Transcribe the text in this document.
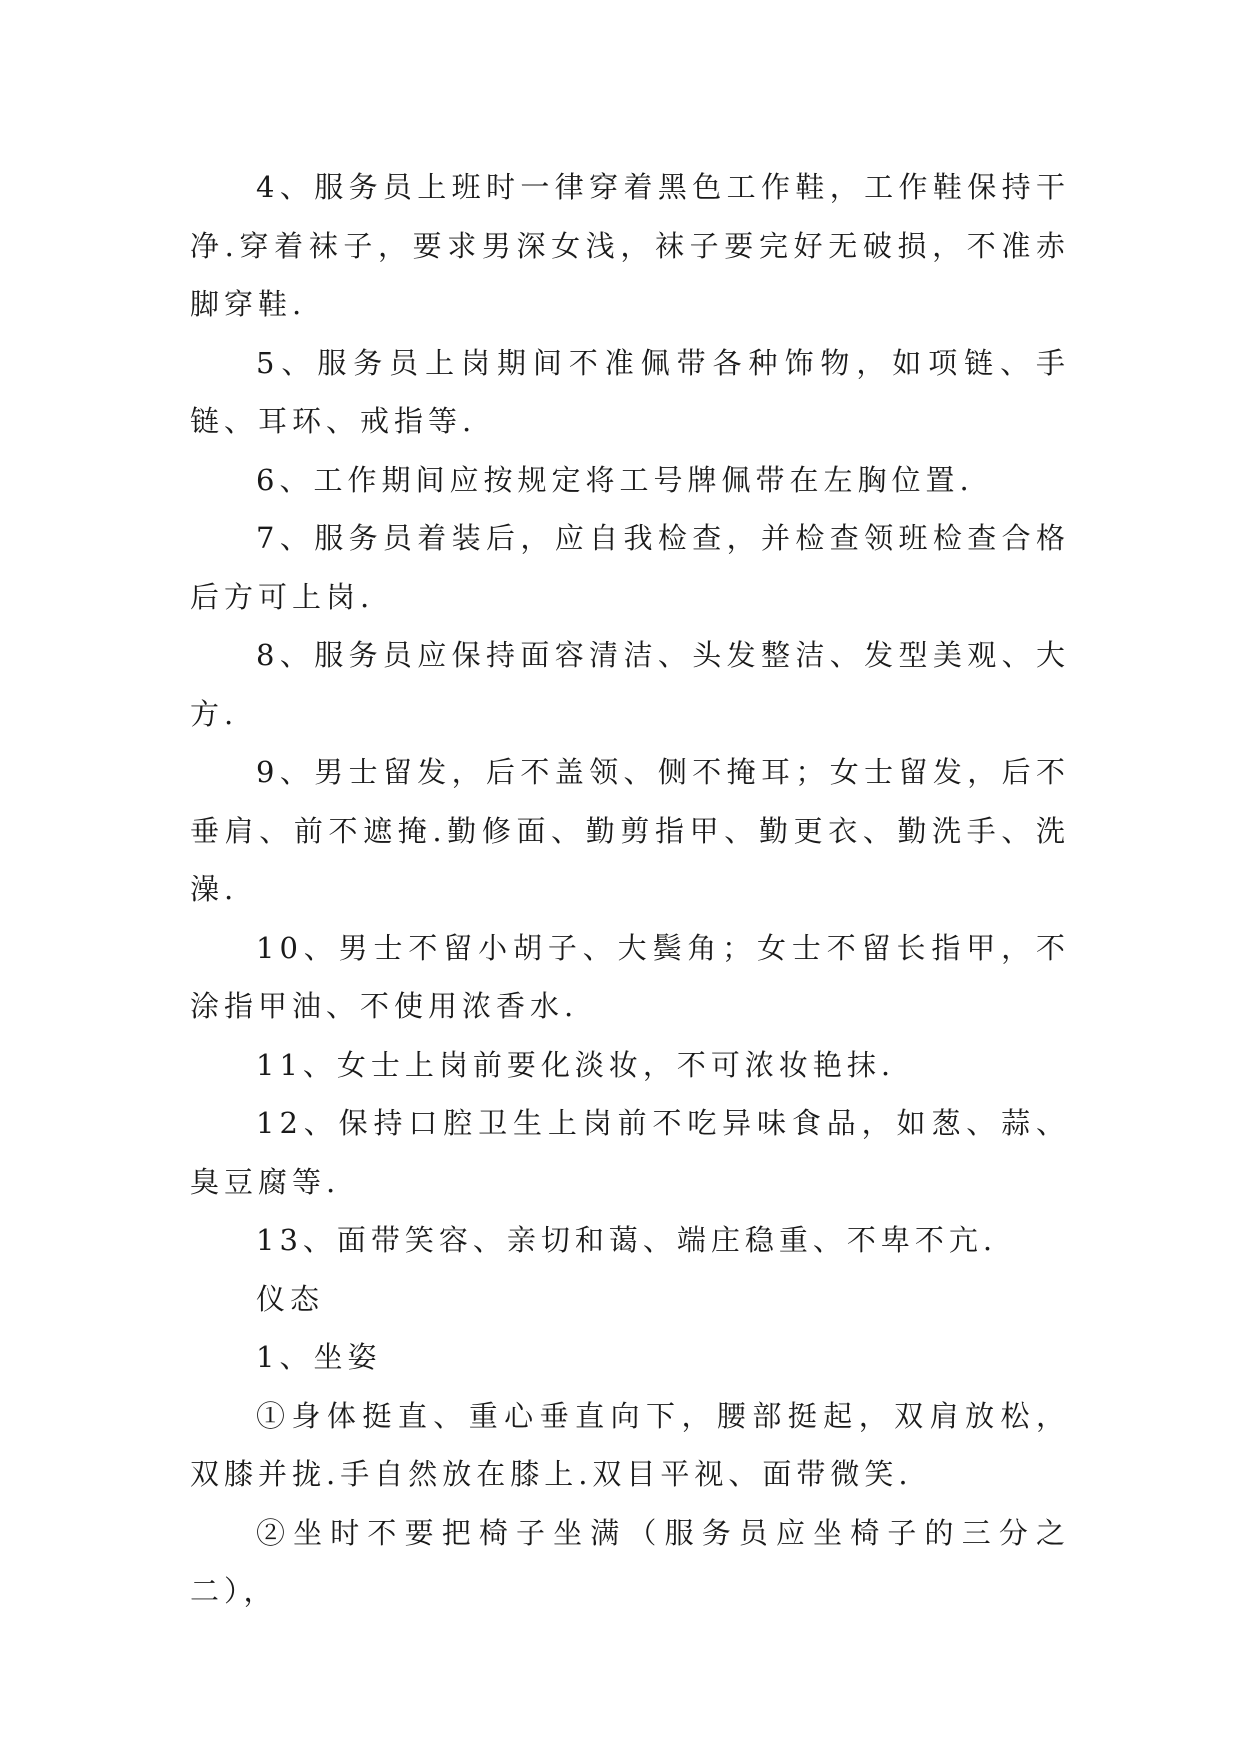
4、服务员上班时一律穿着黑色工作鞋，工作鞋保持干净.穿着袜子，要求男深女浅，袜子要完好无破损，不准赤脚穿鞋.

5、服务员上岗期间不准佩带各种饰物，如项链、手链、耳环、戒指等.

6、工作期间应按规定将工号牌佩带在左胸位置.

7、服务员着装后，应自我检查，并检查领班检查合格后方可上岗.

8、服务员应保持面容清洁、头发整洁、发型美观、大方.

9、男士留发，后不盖领、侧不掩耳；女士留发，后不垂肩、前不遮掩.勤修面、勤剪指甲、勤更衣、勤洗手、洗澡.

10、男士不留小胡子、大鬓角；女士不留长指甲，不涂指甲油、不使用浓香水.

11、女士上岗前要化淡妆，不可浓妆艳抹.

12、保持口腔卫生上岗前不吃异味食品，如葱、蒜、臭豆腐等.

13、面带笑容、亲切和蔼、端庄稳重、不卑不亢.

仪态

1、坐姿

①身体挺直、重心垂直向下，腰部挺起，双肩放松，双膝并拢.手自然放在膝上.双目平视、面带微笑.

②坐时不要把椅子坐满（服务员应坐椅子的三分之二），
